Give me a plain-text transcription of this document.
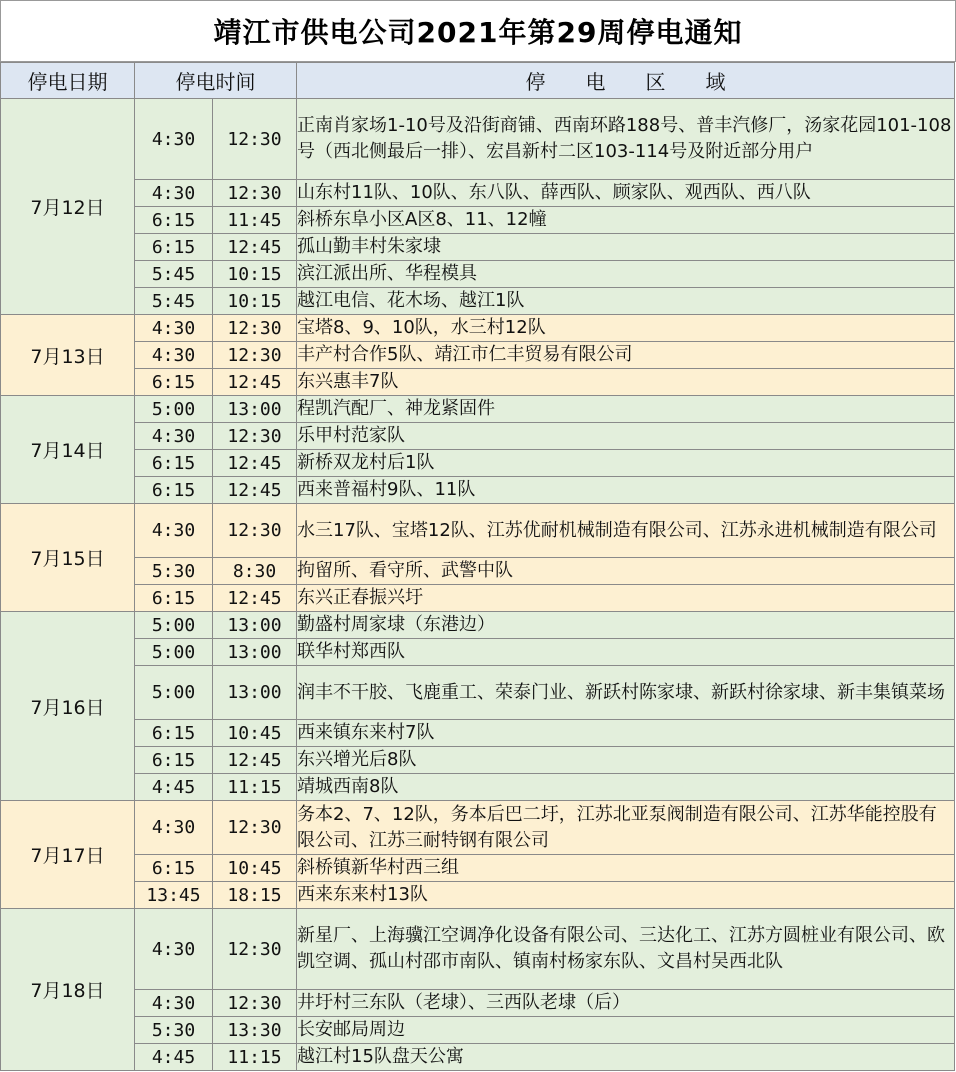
靖江市供电公司2021年第29周停电通知
停电日期	停电时间		停电区域
7月12日	4:30	12:30	正南肖家场1-10号及沿街商铺、西南环路188号、普丰汽修厂，汤家花园101-108号（西北侧最后一排）、宏昌新村二区103-114号及附近部分用户
	4:30	12:30	山东村11队、10队、东八队、薛西队、顾家队、观西队、西八队
	6:15	11:45	斜桥东阜小区A区8、11、12幢
	6:15	12:45	孤山勤丰村朱家埭
	5:45	10:15	滨江派出所、华程模具
	5:45	10:15	越江电信、花木场、越江1队
7月13日	4:30	12:30	宝塔8、9、10队，水三村12队
	4:30	12:30	丰产村合作5队、靖江市仁丰贸易有限公司
	6:15	12:45	东兴惠丰7队
7月14日	5:00	13:00	程凯汽配厂、神龙紧固件
	4:30	12:30	乐甲村范家队
	6:15	12:45	新桥双龙村后1队
	6:15	12:45	西来普福村9队、11队
7月15日	4:30	12:30	水三17队、宝塔12队、江苏优耐机械制造有限公司、江苏永进机械制造有限公司
	5:30	8:30	拘留所、看守所、武警中队
	6:15	12:45	东兴正春振兴圩
7月16日	5:00	13:00	勤盛村周家埭（东港边）
	5:00	13:00	联华村郑西队
	5:00	13:00	润丰不干胶、飞鹿重工、荣泰门业、新跃村陈家埭、新跃村徐家埭、新丰集镇菜场
	6:15	10:45	西来镇东来村7队
	6:15	12:45	东兴增光后8队
	4:45	11:15	靖城西南8队
7月17日	4:30	12:30	务本2、7、12队，务本后巴二圩，江苏北亚泵阀制造有限公司、江苏华能控股有限公司、江苏三耐特钢有限公司
	6:15	10:45	斜桥镇新华村西三组
	13:45	18:15	西来东来村13队
7月18日	4:30	12:30	新星厂、上海骥江空调净化设备有限公司、三达化工、江苏方圆桩业有限公司、欧凯空调、孤山村邵市南队、镇南村杨家东队、文昌村吴西北队
	4:30	12:30	井圩村三东队（老埭）、三西队老埭（后）
	5:30	13:30	长安邮局周边
	4:45	11:15	越江村15队盘天公寓
